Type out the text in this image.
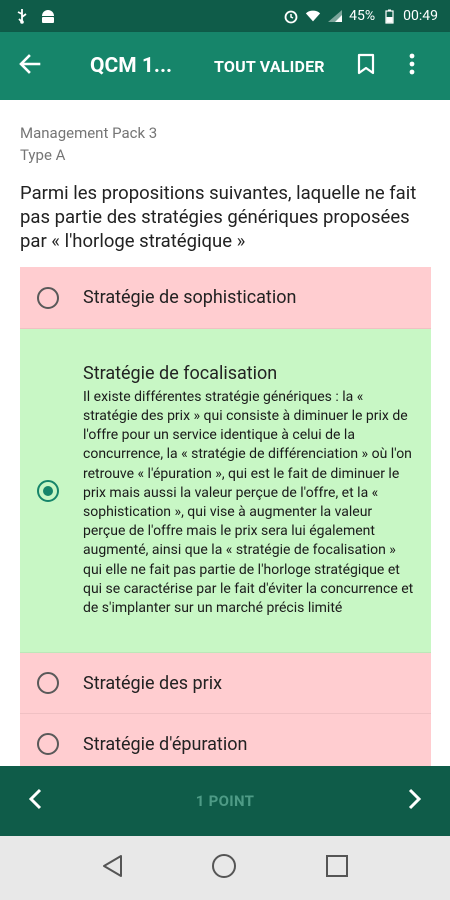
45% 00:49
QCM 1...	TOUT VALIDER
Management Pack 3
Type A
Parmi les propositions suivantes, laquelle ne fait pas partie des stratégies génériques proposées par « l'horloge stratégique »
Stratégie de sophistication
Stratégie de focalisation
Il existe différentes stratégie génériques : la « stratégie des prix » qui consiste à diminuer le prix de l'offre pour un service identique à celui de la concurrence, la « stratégie de différenciation » où l'on retrouve « l'épuration », qui est le fait de diminuer le prix mais aussi la valeur perçue de l'offre, et la « sophistication », qui vise à augmenter la valeur perçue de l'offre mais le prix sera lui également augmenté, ainsi que la « stratégie de focalisation » qui elle ne fait pas partie de l'horloge stratégique et qui se caractérise par le fait d'éviter la concurrence et de s'implanter sur un marché précis limité
Stratégie des prix
Stratégie d'épuration
1 POINT
